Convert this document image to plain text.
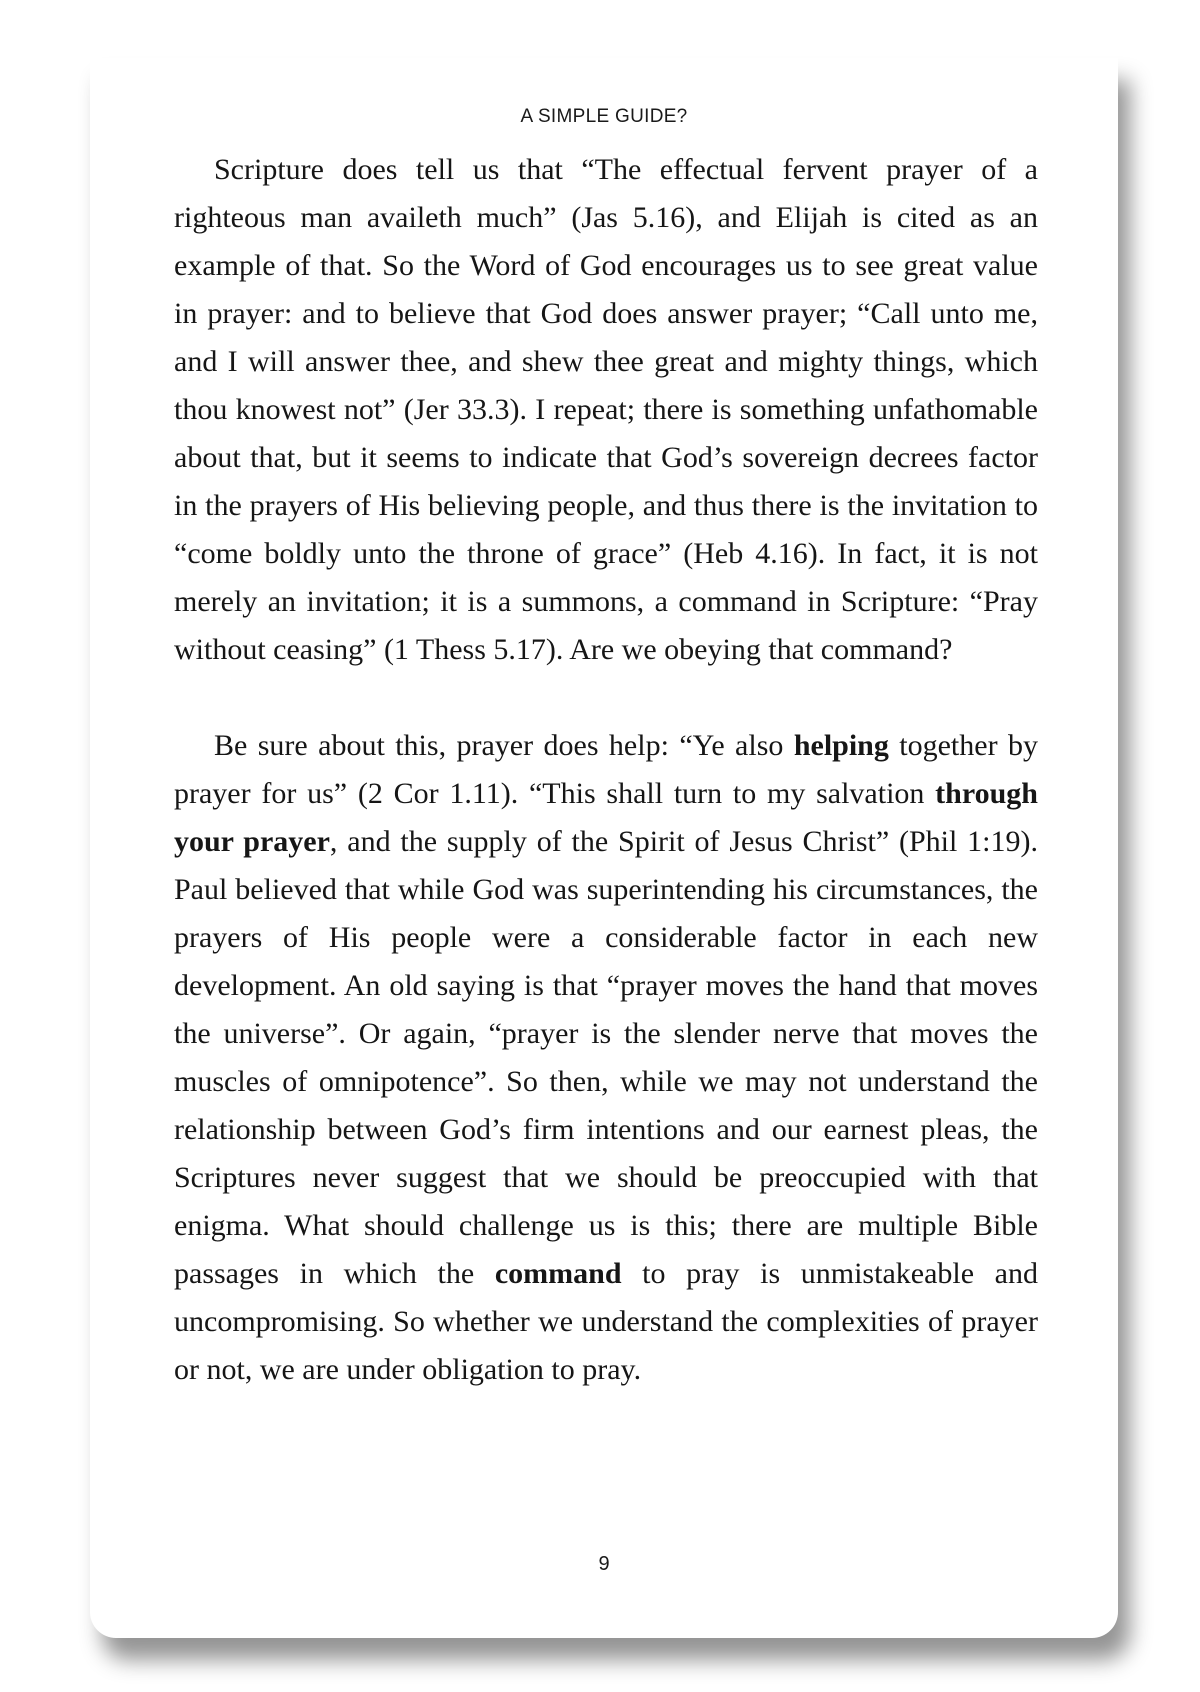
A SIMPLE GUIDE?

Scripture does tell us that “The effectual fervent prayer of a righteous man availeth much” (Jas 5.16), and Elijah is cited as an example of that. So the Word of God encourages us to see great value in prayer: and to believe that God does answer prayer; “Call unto me, and I will answer thee, and shew thee great and mighty things, which thou knowest not” (Jer 33.3). I repeat; there is something unfathomable about that, but it seems to indicate that God’s sovereign decrees factor in the prayers of His believing people, and thus there is the invitation to “come boldly unto the throne of grace” (Heb 4.16). In fact, it is not merely an invitation; it is a summons, a command in Scripture: “Pray without ceasing” (1 Thess 5.17). Are we obeying that command?

Be sure about this, prayer does help: “Ye also helping together by prayer for us” (2 Cor 1.11). “This shall turn to my salvation through your prayer, and the supply of the Spirit of Jesus Christ” (Phil 1:19). Paul believed that while God was superintending his circumstances, the prayers of His people were a considerable factor in each new development. An old saying is that “prayer moves the hand that moves the universe”. Or again, “prayer is the slender nerve that moves the muscles of omnipotence”. So then, while we may not understand the relationship between God’s firm intentions and our earnest pleas, the Scriptures never suggest that we should be preoccupied with that enigma. What should challenge us is this; there are multiple Bible passages in which the command to pray is unmistakeable and uncompromising. So whether we understand the complexities of prayer or not, we are under obligation to pray.

9
